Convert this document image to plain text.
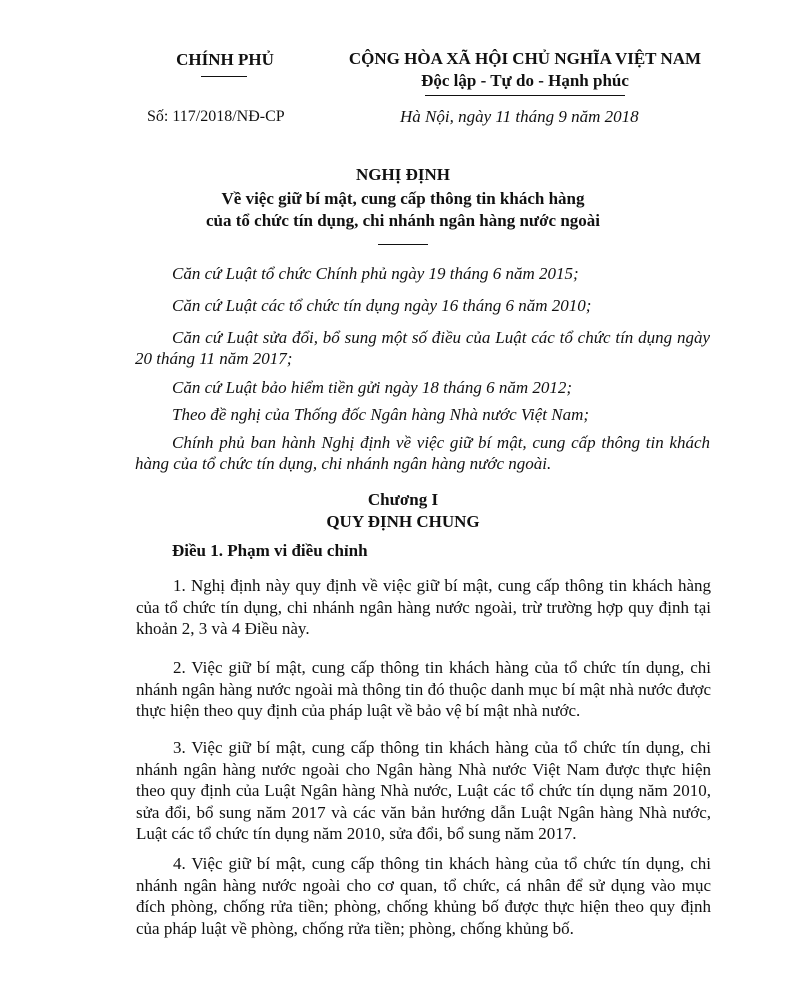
CHÍNH PHỦ
Số: 117/2018/NĐ-CP
CỘNG HÒA XÃ HỘI CHỦ NGHĨA VIỆT NAM
Độc lập - Tự do - Hạnh phúc
Hà Nội, ngày 11 tháng 9 năm 2018
NGHỊ ĐỊNH
Về việc giữ bí mật, cung cấp thông tin khách hàng
của tổ chức tín dụng, chi nhánh ngân hàng nước ngoài
Căn cứ Luật tổ chức Chính phủ ngày 19 tháng 6 năm 2015;
Căn cứ Luật các tổ chức tín dụng ngày 16 tháng 6 năm 2010;
Căn cứ Luật sửa đổi, bổ sung một số điều của Luật các tổ chức tín dụng ngày 20 tháng 11 năm 2017;
Căn cứ Luật bảo hiểm tiền gửi ngày 18 tháng 6 năm 2012;
Theo đề nghị của Thống đốc Ngân hàng Nhà nước Việt Nam;
Chính phủ ban hành Nghị định về việc giữ bí mật, cung cấp thông tin khách hàng của tổ chức tín dụng, chi nhánh ngân hàng nước ngoài.
Chương I
QUY ĐỊNH CHUNG
Điều 1. Phạm vi điều chỉnh
1. Nghị định này quy định về việc giữ bí mật, cung cấp thông tin khách hàng của tổ chức tín dụng, chi nhánh ngân hàng nước ngoài, trừ trường hợp quy định tại khoản 2, 3 và 4 Điều này.
2. Việc giữ bí mật, cung cấp thông tin khách hàng của tổ chức tín dụng, chi nhánh ngân hàng nước ngoài mà thông tin đó thuộc danh mục bí mật nhà nước được thực hiện theo quy định của pháp luật về bảo vệ bí mật nhà nước.
3. Việc giữ bí mật, cung cấp thông tin khách hàng của tổ chức tín dụng, chi nhánh ngân hàng nước ngoài cho Ngân hàng Nhà nước Việt Nam được thực hiện theo quy định của Luật Ngân hàng Nhà nước, Luật các tổ chức tín dụng năm 2010, sửa đổi, bổ sung năm 2017 và các văn bản hướng dẫn Luật Ngân hàng Nhà nước, Luật các tổ chức tín dụng năm 2010, sửa đổi, bổ sung năm 2017.
4. Việc giữ bí mật, cung cấp thông tin khách hàng của tổ chức tín dụng, chi nhánh ngân hàng nước ngoài cho cơ quan, tổ chức, cá nhân để sử dụng vào mục đích phòng, chống rửa tiền; phòng, chống khủng bố được thực hiện theo quy định của pháp luật về phòng, chống rửa tiền; phòng, chống khủng bố.
